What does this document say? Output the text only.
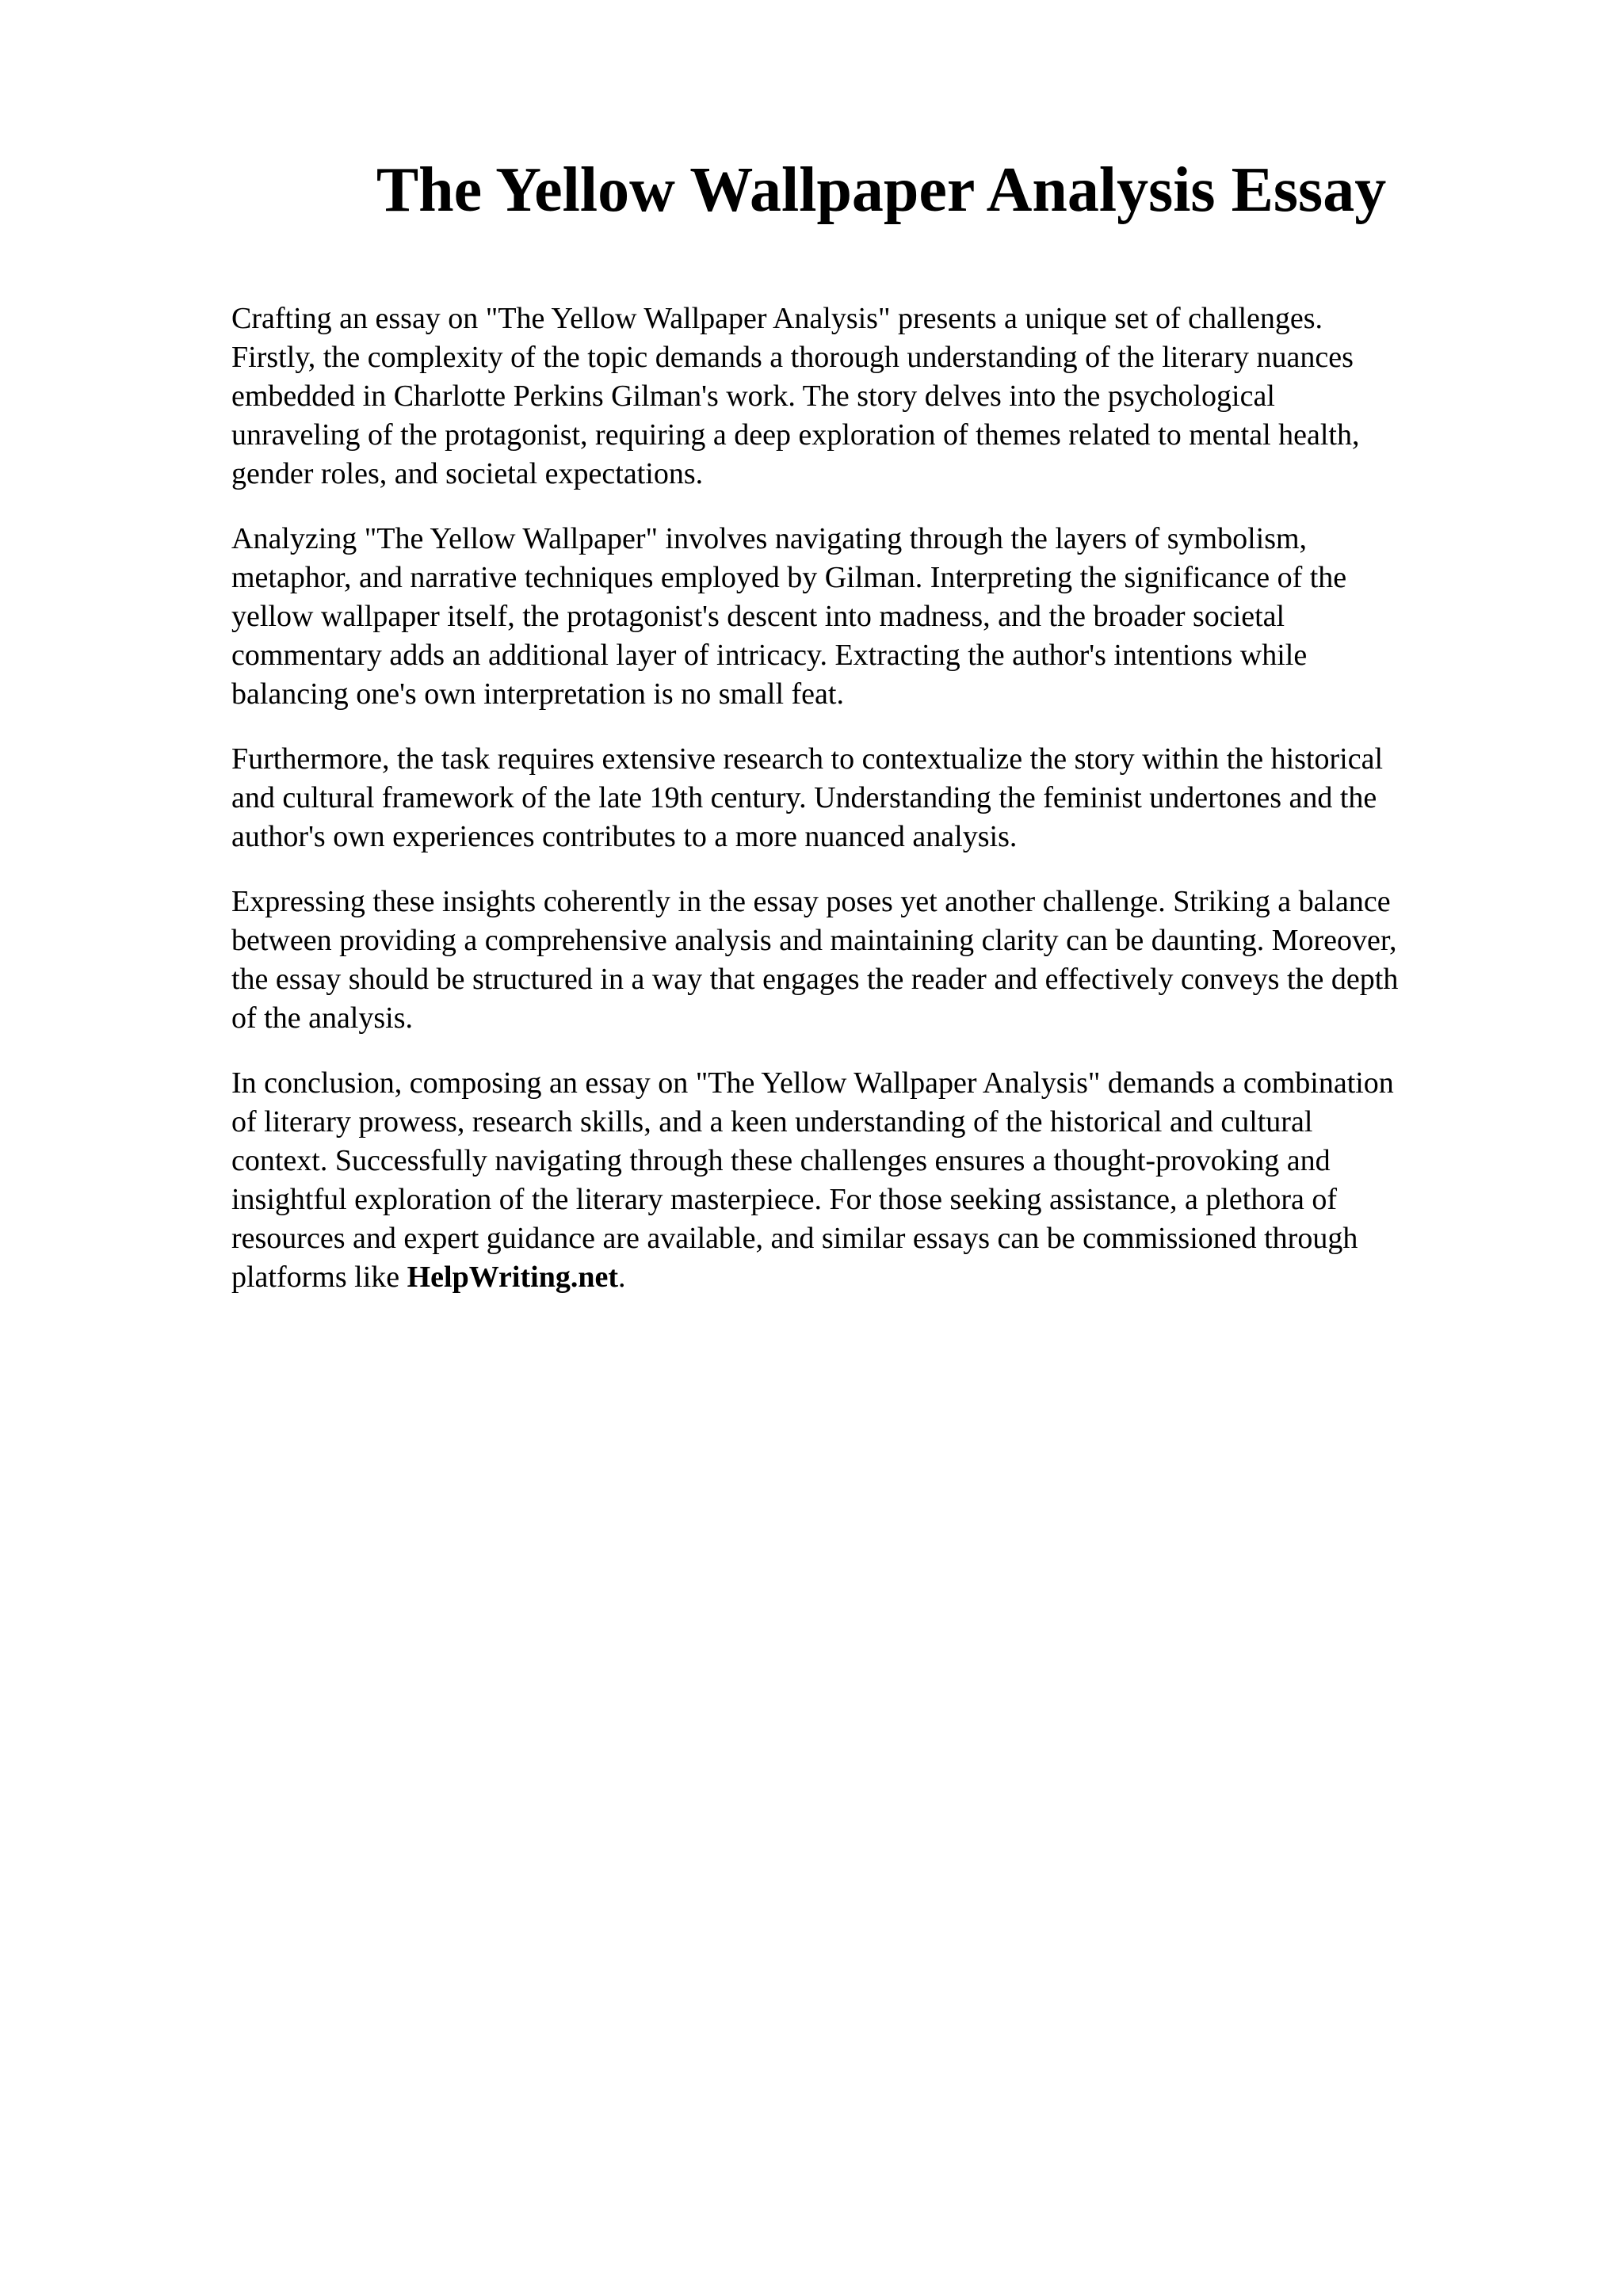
The Yellow Wallpaper Analysis Essay

Crafting an essay on "The Yellow Wallpaper Analysis" presents a unique set of challenges.
Firstly, the complexity of the topic demands a thorough understanding of the literary nuances
embedded in Charlotte Perkins Gilman's work. The story delves into the psychological
unraveling of the protagonist, requiring a deep exploration of themes related to mental health,
gender roles, and societal expectations.

Analyzing "The Yellow Wallpaper" involves navigating through the layers of symbolism,
metaphor, and narrative techniques employed by Gilman. Interpreting the significance of the
yellow wallpaper itself, the protagonist's descent into madness, and the broader societal
commentary adds an additional layer of intricacy. Extracting the author's intentions while
balancing one's own interpretation is no small feat.

Furthermore, the task requires extensive research to contextualize the story within the historical
and cultural framework of the late 19th century. Understanding the feminist undertones and the
author's own experiences contributes to a more nuanced analysis.

Expressing these insights coherently in the essay poses yet another challenge. Striking a balance
between providing a comprehensive analysis and maintaining clarity can be daunting. Moreover,
the essay should be structured in a way that engages the reader and effectively conveys the depth
of the analysis.

In conclusion, composing an essay on "The Yellow Wallpaper Analysis" demands a combination
of literary prowess, research skills, and a keen understanding of the historical and cultural
context. Successfully navigating through these challenges ensures a thought-provoking and
insightful exploration of the literary masterpiece. For those seeking assistance, a plethora of
resources and expert guidance are available, and similar essays can be commissioned through
platforms like HelpWriting.net.
